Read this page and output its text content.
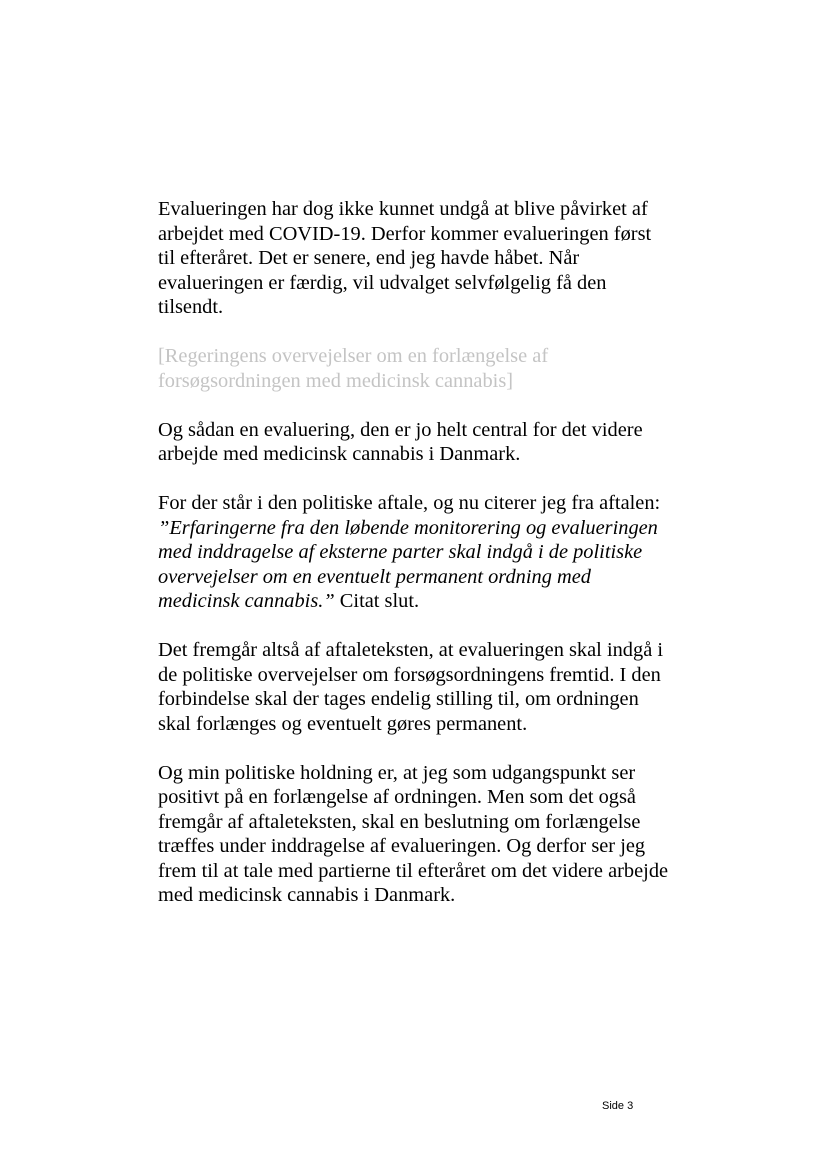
Evalueringen har dog ikke kunnet undgå at blive påvirket af arbejdet med COVID-19. Derfor kommer evalueringen først til efteråret. Det er senere, end jeg havde håbet. Når evalueringen er færdig, vil udvalget selvfølgelig få den tilsendt.

[Regeringens overvejelser om en forlængelse af forsøgsordningen med medicinsk cannabis]

Og sådan en evaluering, den er jo helt central for det videre arbejde med medicinsk cannabis i Danmark.

For der står i den politiske aftale, og nu citerer jeg fra aftalen: ”Erfaringerne fra den løbende monitorering og evalueringen med inddragelse af eksterne parter skal indgå i de politiske overvejelser om en eventuelt permanent ordning med medicinsk cannabis.” Citat slut.

Det fremgår altså af aftaleteksten, at evalueringen skal indgå i de politiske overvejelser om forsøgsordningens fremtid. I den forbindelse skal der tages endelig stilling til, om ordningen skal forlænges og eventuelt gøres permanent.

Og min politiske holdning er, at jeg som udgangspunkt ser positivt på en forlængelse af ordningen. Men som det også fremgår af aftaleteksten, skal en beslutning om forlængelse træffes under inddragelse af evalueringen. Og derfor ser jeg frem til at tale med partierne til efteråret om det videre arbejde med medicinsk cannabis i Danmark.

Side 3
